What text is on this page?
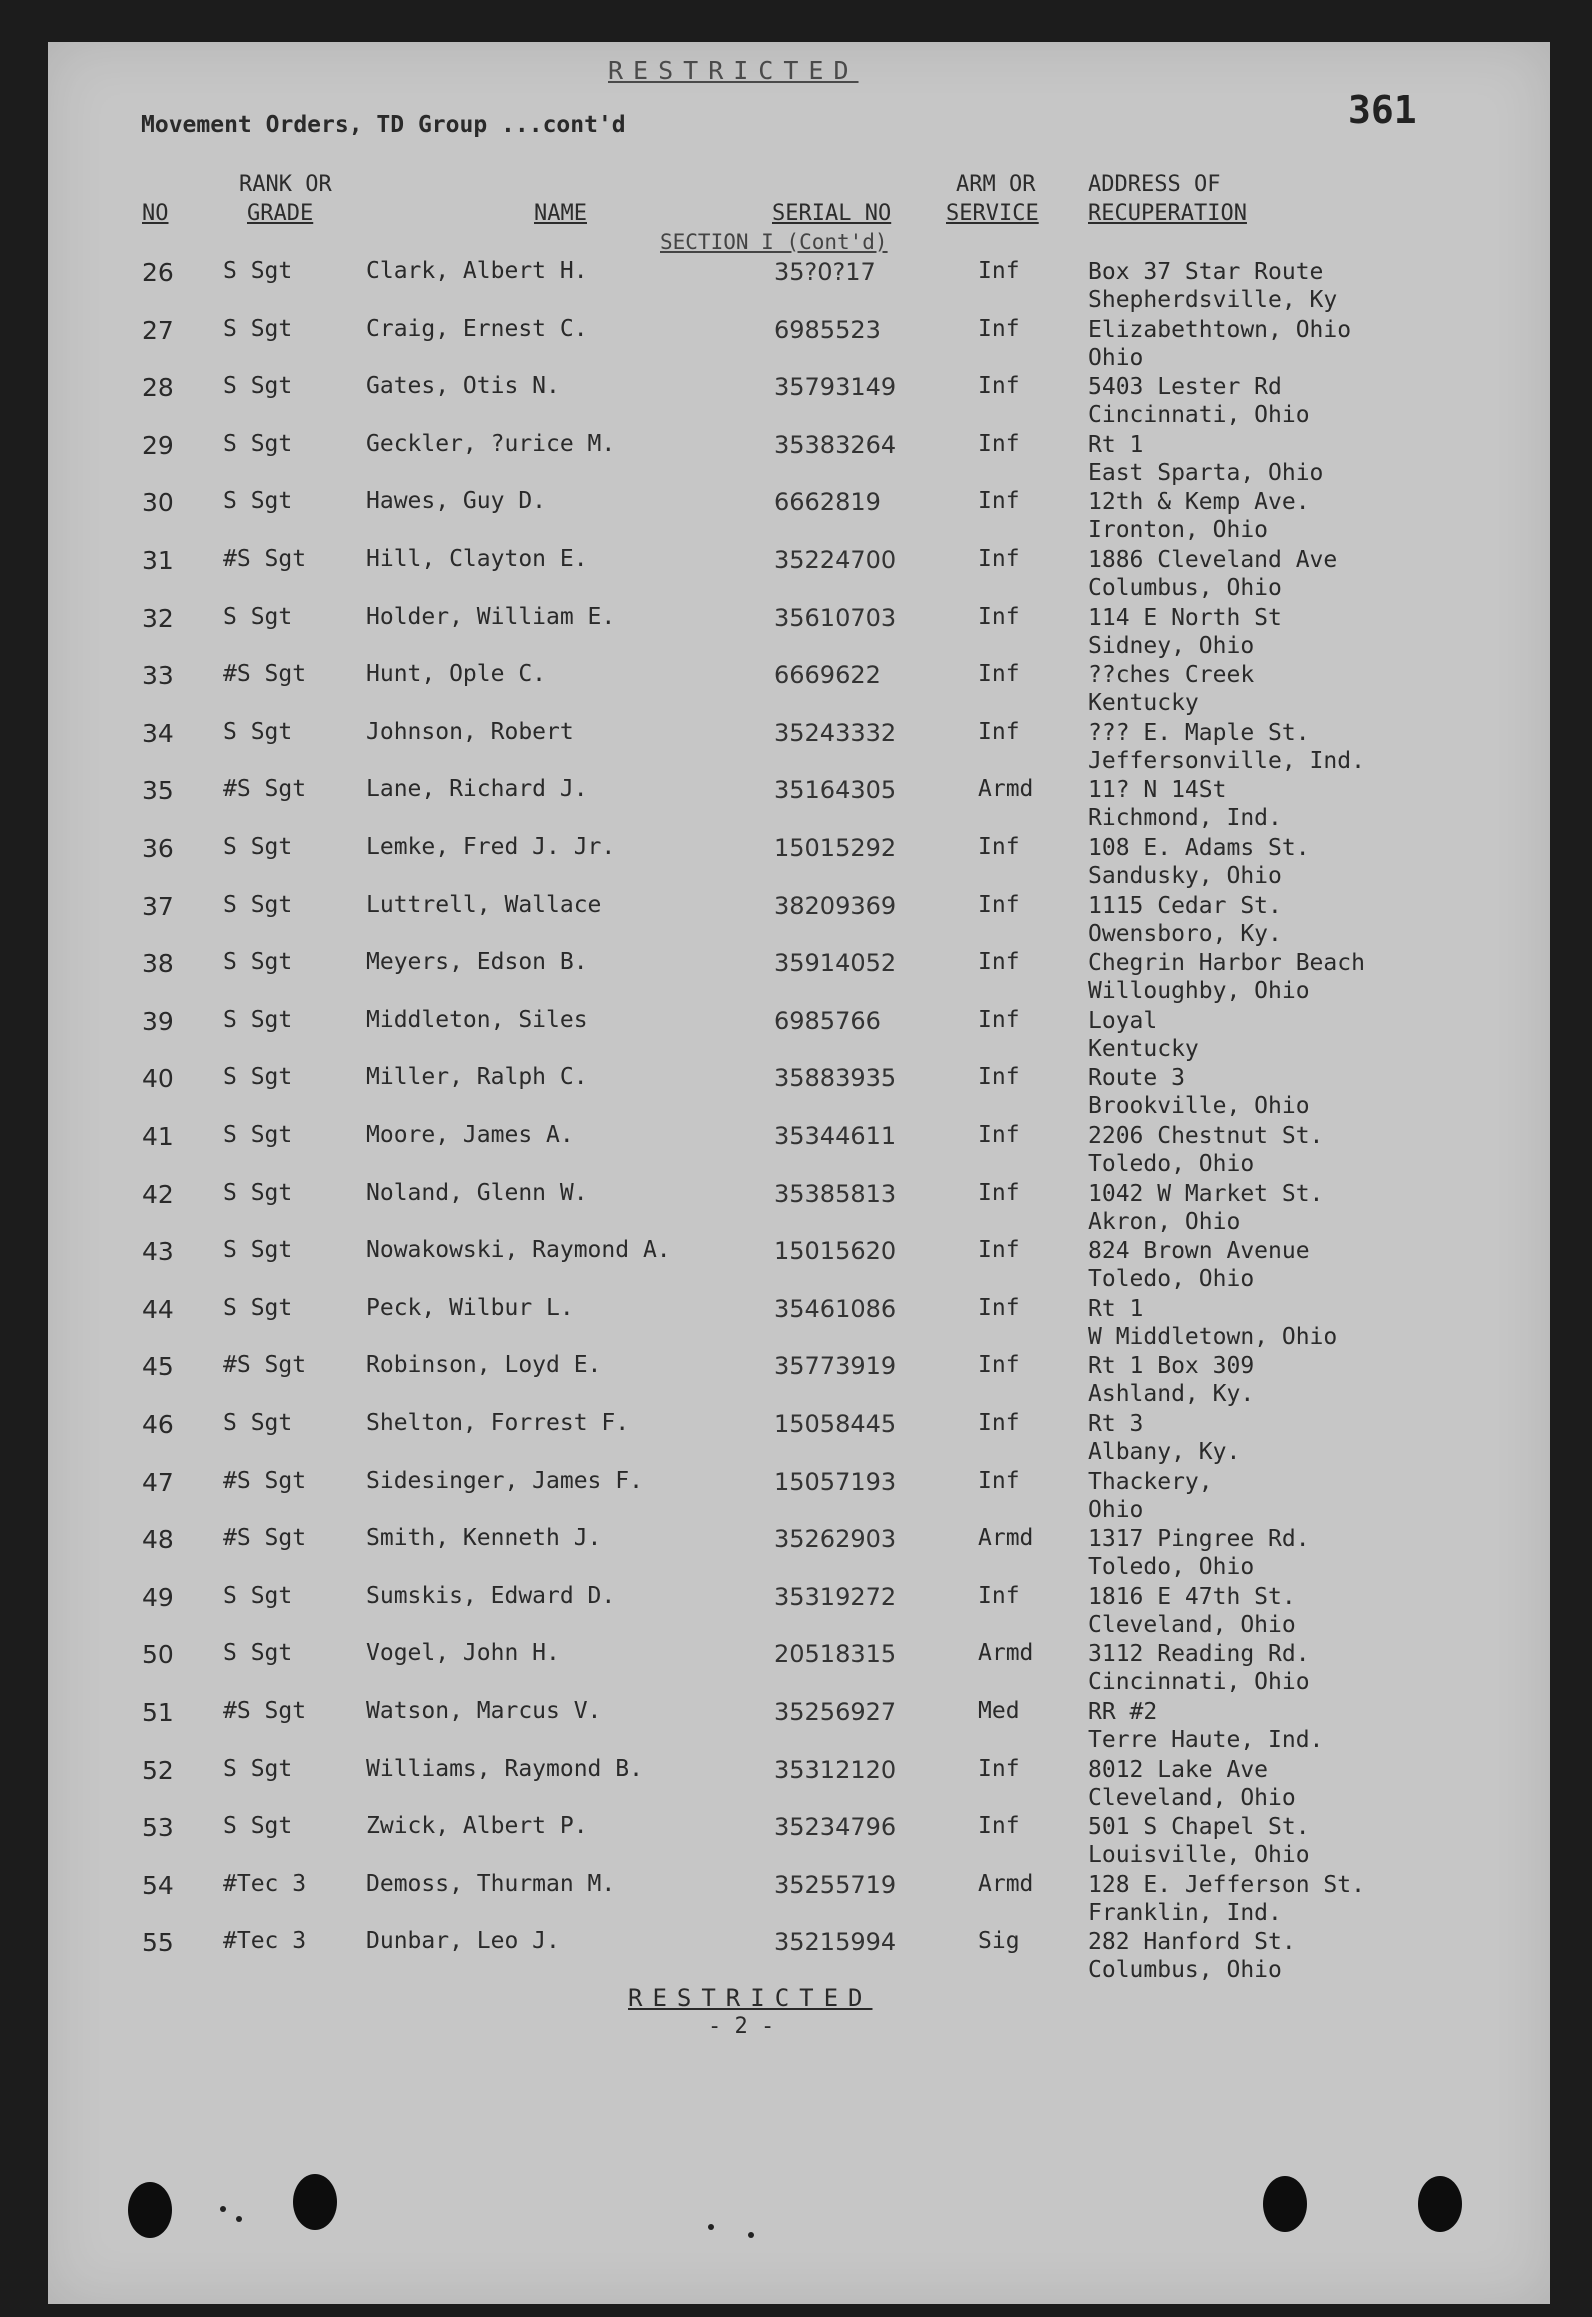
RESTRICTED
Movement Orders, TD Group ...cont'd	361
RANK OR
GRADE
NO	NAME	SERIAL NO
ARM OR
SERVICE
ADDRESS OF
RECUPERATION
SECTION I (Cont'd)
26 S Sgt	Clark, Albert H.	35?0?17	Inf	Box 37 Star Route
Shepherdsville, Ky
27 S Sgt	Craig, Ernest C.	6985523	Inf	Elizabethtown, Ohio
Ohio
28 S Sgt	Gates, Otis N.	35793149	Inf	5403 Lester Rd
Cincinnati, Ohio
29 S Sgt	Geckler, ?urice M.	35383264	Inf	Rt 1
East Sparta, Ohio
30 S Sgt	Hawes, Guy D.	6662819	Inf	12th & Kemp Ave.
Ironton, Ohio
31 #S Sgt	Hill, Clayton E.	35224700	Inf	1886 Cleveland Ave
Columbus, Ohio
32 S Sgt	Holder, William E.	35610703	Inf	114 E North St
Sidney, Ohio
33 #S Sgt	Hunt, Ople C.	6669622	Inf	??ches Creek
Kentucky
34 S Sgt	Johnson, Robert	35243332	Inf	??? E. Maple St.
Jeffersonville, Ind.
35 #S Sgt	Lane, Richard J.	35164305	Armd 11? N 14St
Richmond, Ind.
36 S Sgt	Lemke, Fred J. Jr.	15015292	Inf	108 E. Adams St.
Sandusky, Ohio
37 S Sgt	Luttrell, Wallace	38209369	Inf	1115 Cedar St.
Owensboro, Ky.
38 S Sgt	Meyers, Edson B.	35914052	Inf	Chegrin Harbor Beach
Willoughby, Ohio
39 S Sgt	Middleton, Siles	6985766	Inf	Loyal
Kentucky
40 S Sgt	Miller, Ralph C.	35883935	Inf	Route 3
Brookville, Ohio
41 S Sgt	Moore, James A.	35344611	Inf	2206 Chestnut St.
Toledo, Ohio
42 S Sgt	Noland, Glenn W.	35385813	Inf	1042 W Market St.
Akron, Ohio
43 S Sgt	Nowakowski, Raymond A.	15015620	Inf	824 Brown Avenue
Toledo, Ohio
44 S Sgt	Peck, Wilbur L.	35461086	Inf	Rt 1
W Middletown, Ohio
45 #S Sgt	Robinson, Loyd E.	35773919	Inf	Rt 1 Box 309
Ashland, Ky.
46 S Sgt	Shelton, Forrest F.	15058445	Inf	Rt 3
Albany, Ky.
47 #S Sgt	Sidesinger, James F.	15057193	Inf	Thackery,
Ohio
48 #S Sgt	Smith, Kenneth J.	35262903	Armd 1317 Pingree Rd.
Toledo, Ohio
49 S Sgt	Sumskis, Edward D.	35319272	Inf	1816 E 47th St.
Cleveland, Ohio
50 S Sgt	Vogel, John H.	20518315	Armd 3112 Reading Rd.
Cincinnati, Ohio
51 #S Sgt	Watson, Marcus V.	35256927	Med	RR #2
Terre Haute, Ind.
52 S Sgt	Williams, Raymond B.	35312120	Inf	8012 Lake Ave
Cleveland, Ohio
53 S Sgt	Zwick, Albert P.	35234796	Inf	501 S Chapel St.
Louisville, Ohio
54 #Tec 3	Demoss, Thurman M.	35255719	Armd 128 E. Jefferson St.
Franklin, Ind.
55 #Tec 3	Dunbar, Leo J.	35215994	Sig	282 Hanford St.
Columbus, Ohio
RESTRICTED
- 2 -
